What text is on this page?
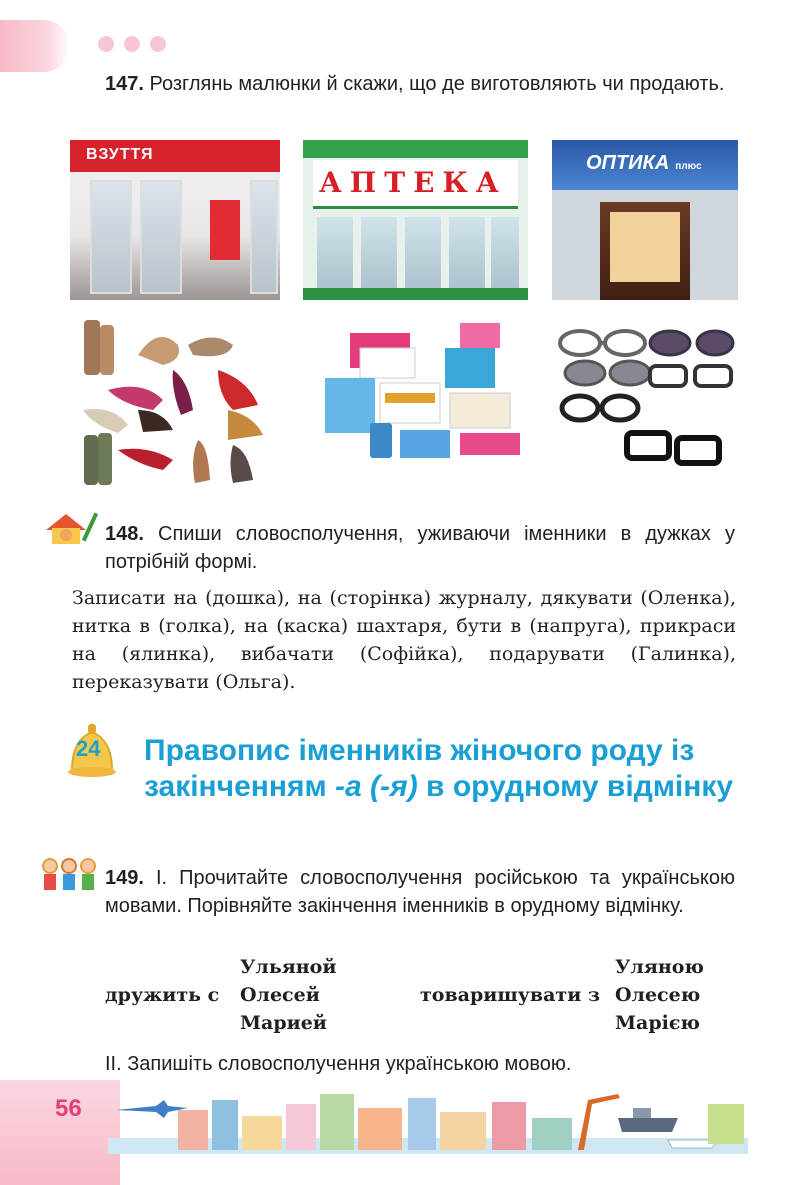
147. Розглянь малюнки й скажи, що де виготовляють чи продають.
ВЗУТТЯ
АПТЕКА
ОПТИКА плюс
148. Спиши словосполучення, уживаючи іменники в дужках у потрібній формі.
Записати на (дошка), на (сторінка) журналу, дякувати (Оленка), нитка в (голка), на (каска) шахтаря, бути в (напруга), прикраси на (ялинка), вибачати (Софійка), подарувати (Галинка), переказувати (Ольга).
24 Правопис іменників жіночого роду із закінченням -а (-я) в орудному відмінку
149. І. Прочитайте словосполучення російською та українською мовами. Порівняйте закінчення іменників в орудному відмінку.
Ульяной
дружить с Олесей
Марией
Уляною
товаришувати з Олесею
Марією
ІІ. Запишіть словосполучення українською мовою.
56
